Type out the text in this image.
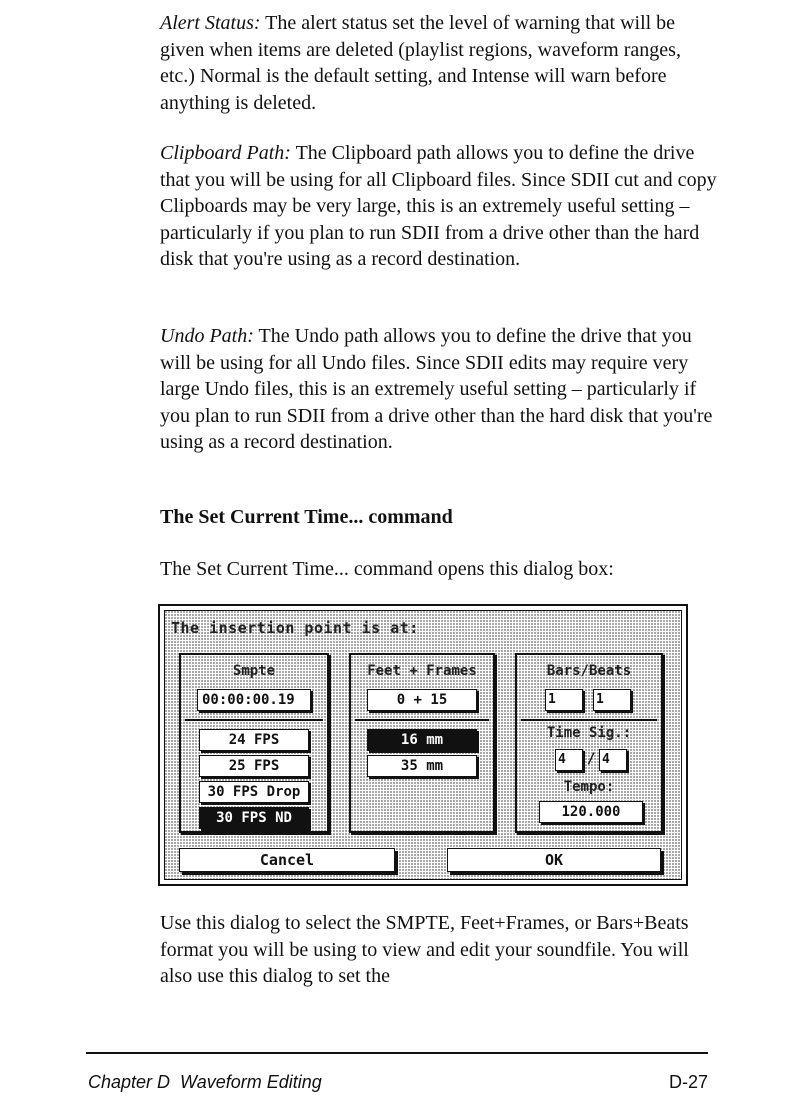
Alert Status: The alert status set the level of warning that will be given when items are deleted (playlist regions, waveform ranges, etc.) Normal is the default setting, and Intense will warn before anything is deleted.

Clipboard Path: The Clipboard path allows you to define the drive that you will be using for all Clipboard files. Since SDII cut and copy Clipboards may be very large, this is an extremely useful setting – particularly if you plan to run SDII from a drive other than the hard disk that you're using as a record destination.

Undo Path: The Undo path allows you to define the drive that you will be using for all Undo files. Since SDII edits may require very large Undo files, this is an extremely useful setting – particularly if you plan to run SDII from a drive other than the hard disk that you're using as a record destination.

The Set Current Time... command
The Set Current Time... command opens this dialog box:
The insertion point is at:
Smpte
00:00:00.19
24 FPS
25 FPS
30 FPS Drop
30 FPS ND
Feet + Frames
0 + 15
16 mm
35 mm
Bars/Beats
1	1
Time Sig.:
4	/ 4
Tempo:
120.000
Cancel	OK
Use this dialog to select the SMPTE, Feet+Frames, or Bars+Beats format you will be using to view and edit your soundfile. You will also use this dialog to set the
Chapter D  Waveform Editing	D-27
